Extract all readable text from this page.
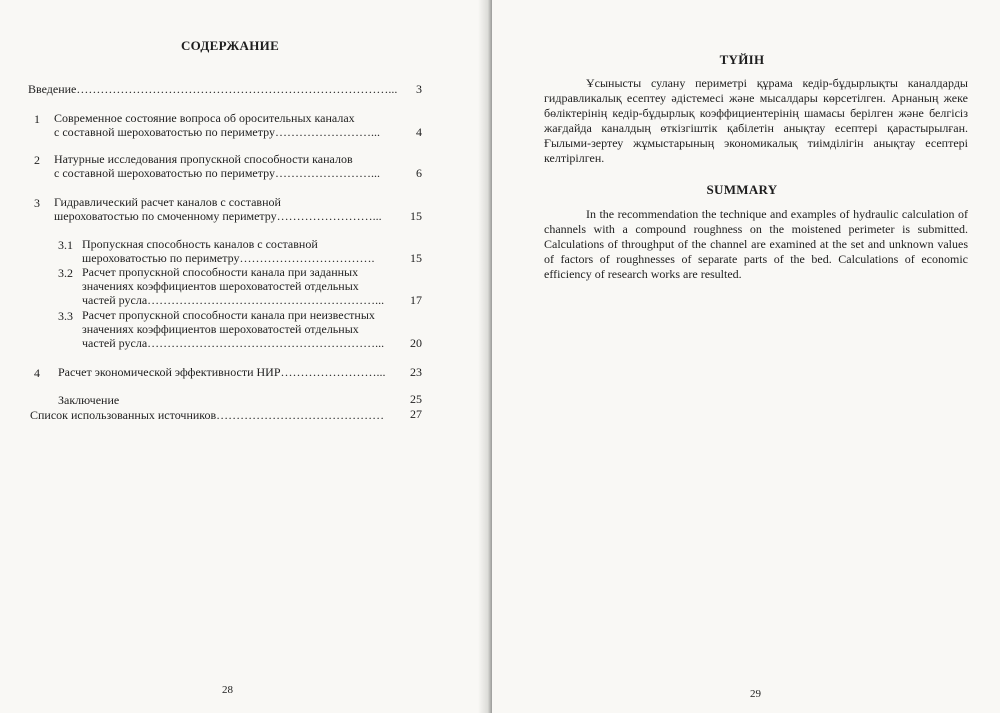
СОДЕРЖАНИЕ
Введение……………………………………………………………………...	3
1 Современное состояние вопроса об оросительных каналах
с составной шероховатостью по периметру……………………...	4
2 Натурные исследования пропускной способности каналов
с составной шероховатостью по периметру……………………...	6
3 Гидравлический расчет каналов с составной
шероховатостью по смоченному периметру……………………...	15
3.1 Пропускная способность каналов с составной
шероховатостью по периметру…………………………….	15
3.2 Расчет пропускной способности канала при заданных
значениях коэффициентов шероховатостей отдельных
частей русла…………………………………………………...	17
3.3 Расчет пропускной способности канала при неизвестных
значениях коэффициентов шероховатостей отдельных
частей русла…………………………………………………...	20
4 Расчет экономической эффективности НИР……………………...	23
Заключение	25
Список использованных источников……………………………………	27
28
ТҮЙІН
Ұсынысты сулану периметрі құрама кедір-бұдырлықты каналдарды гидравликалық есептеу әдістемесі және мысалдары көрсетілген. Арнаның жеке бөліктерінің кедір-бұдырлық коэффициентерінің шамасы берілген және белгісіз жағдайда каналдың өткізгіштік қабілетін анықтау есептері қарастырылған. Ғылыми-зертеу жұмыстарының экономикалық тиімділігін анықтау есептері келтірілген.
SUMMARY
In the recommendation the technique and examples of hydraulic calculation of channels with a compound roughness on the moistened perimeter is submitted. Calculations of throughput of the channel are examined at the set and unknown values of factors of roughnesses of separate parts of the bed. Calculations of economic efficiency of research works are resulted.
29
